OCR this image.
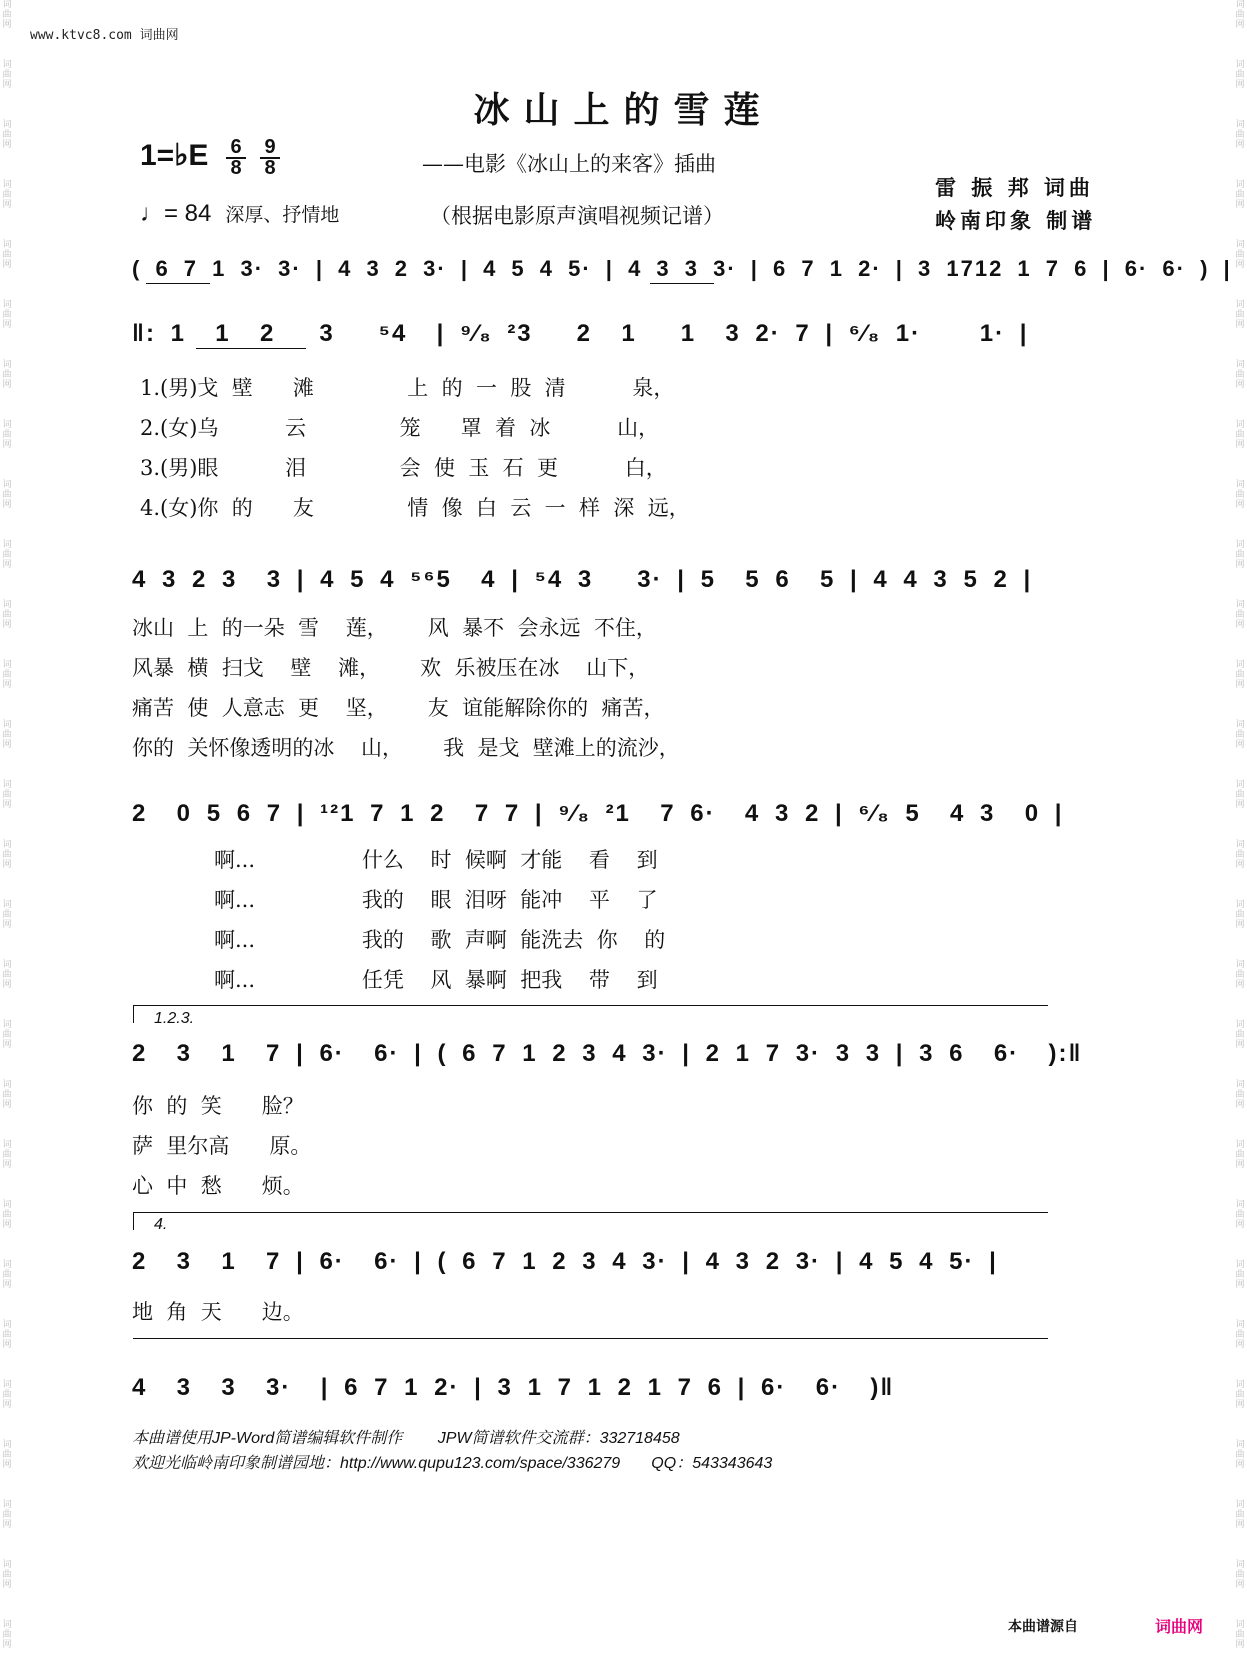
词
曲
网
词
曲
网
词
曲
网
词
曲
网
词
曲
网
词
曲
网
词
曲
网
词
曲
网
词
曲
网
词
曲
网
词
曲
网
词
曲
网
词
曲
网
词
曲
网
词
曲
网
词
曲
网
词
曲
网
词
曲
网
词
曲
网
词
曲
网
词
曲
网
词
曲
网
词
曲
网
词
曲
网
词
曲
网
词
曲
网
词
曲
网
词
曲
网
词
曲
网
词
曲
网
词
曲
网
词
曲
网
词
曲
网
词
曲
网
词
曲
网
词
曲
网
词
曲
网
词
曲
网
词
曲
网
词
曲
网
词
曲
网
词
曲
网
词
曲
网
词
曲
网
词
曲
网
词
曲
网
词
曲
网
词
曲
网
词
曲
网
词
曲
网
词
曲
网
词
曲
网
词
曲
网
词
曲
网
词
曲
网
词
曲
网
www.ktvc8.com 词曲网
冰山上的雪莲
1=♭E $\frac{6}{8} \frac{9}{8}$	——电影《冰山上的来客》插曲
♩= 84 深厚、抒情地	（根据电影原声演唱视频记谱）
雷 振 邦 词曲
岭南印象 制谱
( 6 7 1 3· 3· | 4 3 2 3· | 4 5 4 5· | 4 3 3 3· | 6 7 1 2· | 3 1712 1 7 6 | 6· 6· ) |
‖: 1  1  2   3   ⁵4  | ⁹⁄₈ ²3   2  1   1  3 2· 7 | ⁶⁄₈ 1·    1· |
1.(男)戈  壁      滩              上  的  一  股  清          泉，
2.(女)乌          云              笼      罩  着  冰          山，
3.(男)眼          泪              会  使  玉  石  更          白，
4.(女)你  的      友              情  像  白  云  一  样  深  远，
4 3 2 3  3 | 4 5 4 ⁵⁶5  4 | ⁵4 3   3· | 5  5 6  5 | 4 4 3 5 2 |
冰山  上  的一朵  雪    莲，      风  暴不  会永远  不住，
风暴  横  扫戈    壁    滩，      欢  乐被压在冰    山下，
痛苦  使  人意志  更    坚，      友  谊能解除你的  痛苦，
你的  关怀像透明的冰    山，      我  是戈  壁滩上的流沙，
2  0 5 6 7 | ¹²1 7 1 2  7 7 | ⁹⁄₈ ²1  7 6·  4 3 2 | ⁶⁄₈ 5  4 3  0 |
啊...                什么    时  候啊  才能    看    到
啊...                我的    眼  泪呀  能冲    平    了
啊...                我的    歌  声啊  能洗去  你    的
啊...                任凭    风  暴啊  把我    带    到
1.2.3.
2  3  1  7 | 6·  6· | ( 6 7 1 2 3 4 3· | 2 1 7 3· 3 3 | 3 6  6·  ):‖
你  的  笑      脸？
萨  里尔高      原。
心  中  愁      烦。
4.
2  3  1  7 | 6·  6· | ( 6 7 1 2 3 4 3· | 4 3 2 3· | 4 5 4 5· |
地  角  天      边。
4  3  3  3·  | 6 7 1 2· | 3 1 7 1 2 1 7 6 | 6·  6·  )‖
本曲谱使用JP-Word简谱编辑软件制作        JPW简谱软件交流群：332718458
欢迎光临岭南印象制谱园地：http://www.qupu123.com/space/336279       QQ：543343643
本曲谱源自	词曲网
